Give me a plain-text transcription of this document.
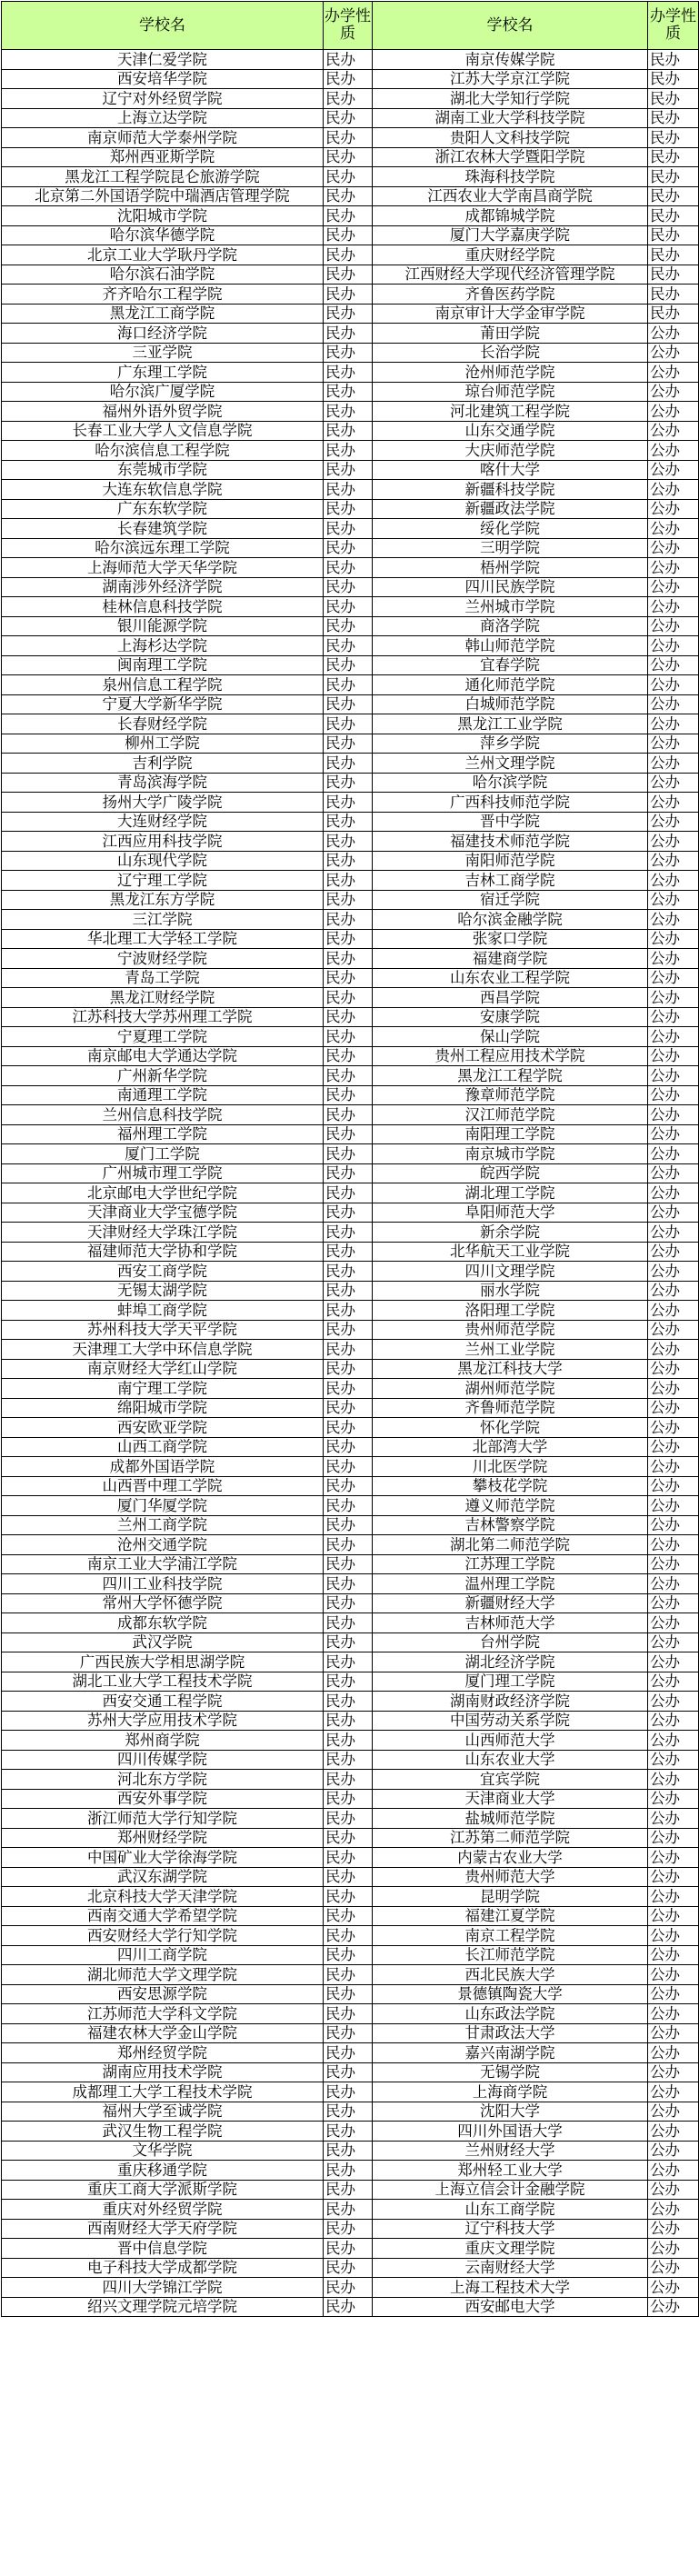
学校名	办学性质	学校名	办学性质
天津仁爱学院	民办	南京传媒学院	民办
西安培华学院	民办	江苏大学京江学院	民办
辽宁对外经贸学院	民办	湖北大学知行学院	民办
上海立达学院	民办	湖南工业大学科技学院	民办
南京师范大学泰州学院	民办	贵阳人文科技学院	民办
郑州西亚斯学院	民办	浙江农林大学暨阳学院	民办
黑龙江工程学院昆仑旅游学院	民办	珠海科技学院	民办
北京第二外国语学院中瑞酒店管理学院	民办	江西农业大学南昌商学院	民办
沈阳城市学院	民办	成都锦城学院	民办
哈尔滨华德学院	民办	厦门大学嘉庚学院	民办
北京工业大学耿丹学院	民办	重庆财经学院	民办
哈尔滨石油学院	民办	江西财经大学现代经济管理学院	民办
齐齐哈尔工程学院	民办	齐鲁医药学院	民办
黑龙江工商学院	民办	南京审计大学金审学院	民办
海口经济学院	民办	莆田学院	公办
三亚学院	民办	长治学院	公办
广东理工学院	民办	沧州师范学院	公办
哈尔滨广厦学院	民办	琼台师范学院	公办
福州外语外贸学院	民办	河北建筑工程学院	公办
长春工业大学人文信息学院	民办	山东交通学院	公办
哈尔滨信息工程学院	民办	大庆师范学院	公办
东莞城市学院	民办	喀什大学	公办
大连东软信息学院	民办	新疆科技学院	公办
广东东软学院	民办	新疆政法学院	公办
长春建筑学院	民办	绥化学院	公办
哈尔滨远东理工学院	民办	三明学院	公办
上海师范大学天华学院	民办	梧州学院	公办
湖南涉外经济学院	民办	四川民族学院	公办
桂林信息科技学院	民办	兰州城市学院	公办
银川能源学院	民办	商洛学院	公办
上海杉达学院	民办	韩山师范学院	公办
闽南理工学院	民办	宜春学院	公办
泉州信息工程学院	民办	通化师范学院	公办
宁夏大学新华学院	民办	白城师范学院	公办
长春财经学院	民办	黑龙江工业学院	公办
柳州工学院	民办	萍乡学院	公办
吉利学院	民办	兰州文理学院	公办
青岛滨海学院	民办	哈尔滨学院	公办
扬州大学广陵学院	民办	广西科技师范学院	公办
大连财经学院	民办	晋中学院	公办
江西应用科技学院	民办	福建技术师范学院	公办
山东现代学院	民办	南阳师范学院	公办
辽宁理工学院	民办	吉林工商学院	公办
黑龙江东方学院	民办	宿迁学院	公办
三江学院	民办	哈尔滨金融学院	公办
华北理工大学轻工学院	民办	张家口学院	公办
宁波财经学院	民办	福建商学院	公办
青岛工学院	民办	山东农业工程学院	公办
黑龙江财经学院	民办	西昌学院	公办
江苏科技大学苏州理工学院	民办	安康学院	公办
宁夏理工学院	民办	保山学院	公办
南京邮电大学通达学院	民办	贵州工程应用技术学院	公办
广州新华学院	民办	黑龙江工程学院	公办
南通理工学院	民办	豫章师范学院	公办
兰州信息科技学院	民办	汉江师范学院	公办
福州理工学院	民办	南阳理工学院	公办
厦门工学院	民办	南京城市学院	公办
广州城市理工学院	民办	皖西学院	公办
北京邮电大学世纪学院	民办	湖北理工学院	公办
天津商业大学宝德学院	民办	阜阳师范大学	公办
天津财经大学珠江学院	民办	新余学院	公办
福建师范大学协和学院	民办	北华航天工业学院	公办
西安工商学院	民办	四川文理学院	公办
无锡太湖学院	民办	丽水学院	公办
蚌埠工商学院	民办	洛阳理工学院	公办
苏州科技大学天平学院	民办	贵州师范学院	公办
天津理工大学中环信息学院	民办	兰州工业学院	公办
南京财经大学红山学院	民办	黑龙江科技大学	公办
南宁理工学院	民办	湖州师范学院	公办
绵阳城市学院	民办	齐鲁师范学院	公办
西安欧亚学院	民办	怀化学院	公办
山西工商学院	民办	北部湾大学	公办
成都外国语学院	民办	川北医学院	公办
山西晋中理工学院	民办	攀枝花学院	公办
厦门华厦学院	民办	遵义师范学院	公办
兰州工商学院	民办	吉林警察学院	公办
沧州交通学院	民办	湖北第二师范学院	公办
南京工业大学浦江学院	民办	江苏理工学院	公办
四川工业科技学院	民办	温州理工学院	公办
常州大学怀德学院	民办	新疆财经大学	公办
成都东软学院	民办	吉林师范大学	公办
武汉学院	民办	台州学院	公办
广西民族大学相思湖学院	民办	湖北经济学院	公办
湖北工业大学工程技术学院	民办	厦门理工学院	公办
西安交通工程学院	民办	湖南财政经济学院	公办
苏州大学应用技术学院	民办	中国劳动关系学院	公办
郑州商学院	民办	山西师范大学	公办
四川传媒学院	民办	山东农业大学	公办
河北东方学院	民办	宜宾学院	公办
西安外事学院	民办	天津商业大学	公办
浙江师范大学行知学院	民办	盐城师范学院	公办
郑州财经学院	民办	江苏第二师范学院	公办
中国矿业大学徐海学院	民办	内蒙古农业大学	公办
武汉东湖学院	民办	贵州师范大学	公办
北京科技大学天津学院	民办	昆明学院	公办
西南交通大学希望学院	民办	福建江夏学院	公办
西安财经大学行知学院	民办	南京工程学院	公办
四川工商学院	民办	长江师范学院	公办
湖北师范大学文理学院	民办	西北民族大学	公办
西安思源学院	民办	景德镇陶瓷大学	公办
江苏师范大学科文学院	民办	山东政法学院	公办
福建农林大学金山学院	民办	甘肃政法大学	公办
郑州经贸学院	民办	嘉兴南湖学院	公办
湖南应用技术学院	民办	无锡学院	公办
成都理工大学工程技术学院	民办	上海商学院	公办
福州大学至诚学院	民办	沈阳大学	公办
武汉生物工程学院	民办	四川外国语大学	公办
文华学院	民办	兰州财经大学	公办
重庆移通学院	民办	郑州轻工业大学	公办
重庆工商大学派斯学院	民办	上海立信会计金融学院	公办
重庆对外经贸学院	民办	山东工商学院	公办
西南财经大学天府学院	民办	辽宁科技大学	公办
晋中信息学院	民办	重庆文理学院	公办
电子科技大学成都学院	民办	云南财经大学	公办
四川大学锦江学院	民办	上海工程技术大学	公办
绍兴文理学院元培学院	民办	西安邮电大学	公办
